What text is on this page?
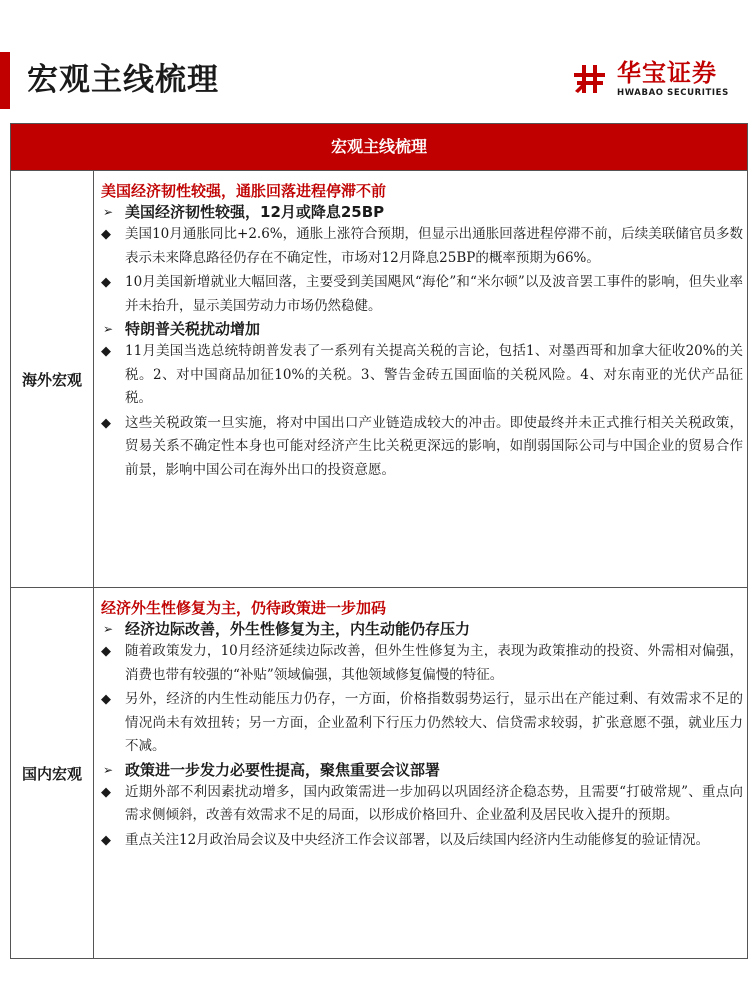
宏观主线梳理	华宝证券
HWABAO SECURITIES
宏观主线梳理
海外宏观
美国经济韧性较强，通胀回落进程停滞不前
➢ 美国经济韧性较强，12月或降息25BP
◆	美国10月通胀同比+2.6%，通胀上涨符合预期，但显示出通胀回落进程停滞不前，后续美联储官员多数表示未来降息路径仍存在不确定性，市场对12月降息25BP的概率预期为66%。
◆	10月美国新增就业大幅回落，主要受到美国飓风“海伦”和“米尔顿”以及波音罢工事件的影响，但失业率并未抬升，显示美国劳动力市场仍然稳健。
➢ 特朗普关税扰动增加
◆	11月美国当选总统特朗普发表了一系列有关提高关税的言论，包括1、对墨西哥和加拿大征收20%的关税。2、对中国商品加征10%的关税。3、警告金砖五国面临的关税风险。4、对东南亚的光伏产品征税。
◆	这些关税政策一旦实施，将对中国出口产业链造成较大的冲击。即使最终并未正式推行相关关税政策，贸易关系不确定性本身也可能对经济产生比关税更深远的影响，如削弱国际公司与中国企业的贸易合作前景，影响中国公司在海外出口的投资意愿。
国内宏观
经济外生性修复为主，仍待政策进一步加码
➢ 经济边际改善，外生性修复为主，内生动能仍存压力
◆	随着政策发力，10月经济延续边际改善，但外生性修复为主，表现为政策推动的投资、外需相对偏强，消费也带有较强的“补贴”领域偏强，其他领域修复偏慢的特征。
◆	另外，经济的内生性动能压力仍存，一方面，价格指数弱势运行，显示出在产能过剩、有效需求不足的情况尚未有效扭转；另一方面，企业盈利下行压力仍然较大、信贷需求较弱，扩张意愿不强，就业压力不减。
➢ 政策进一步发力必要性提高，聚焦重要会议部署
◆	近期外部不利因素扰动增多，国内政策需进一步加码以巩固经济企稳态势，且需要“打破常规”、重点向需求侧倾斜，改善有效需求不足的局面，以形成价格回升、企业盈利及居民收入提升的预期。
◆	重点关注12月政治局会议及中央经济工作会议部署，以及后续国内经济内生动能修复的验证情况。
